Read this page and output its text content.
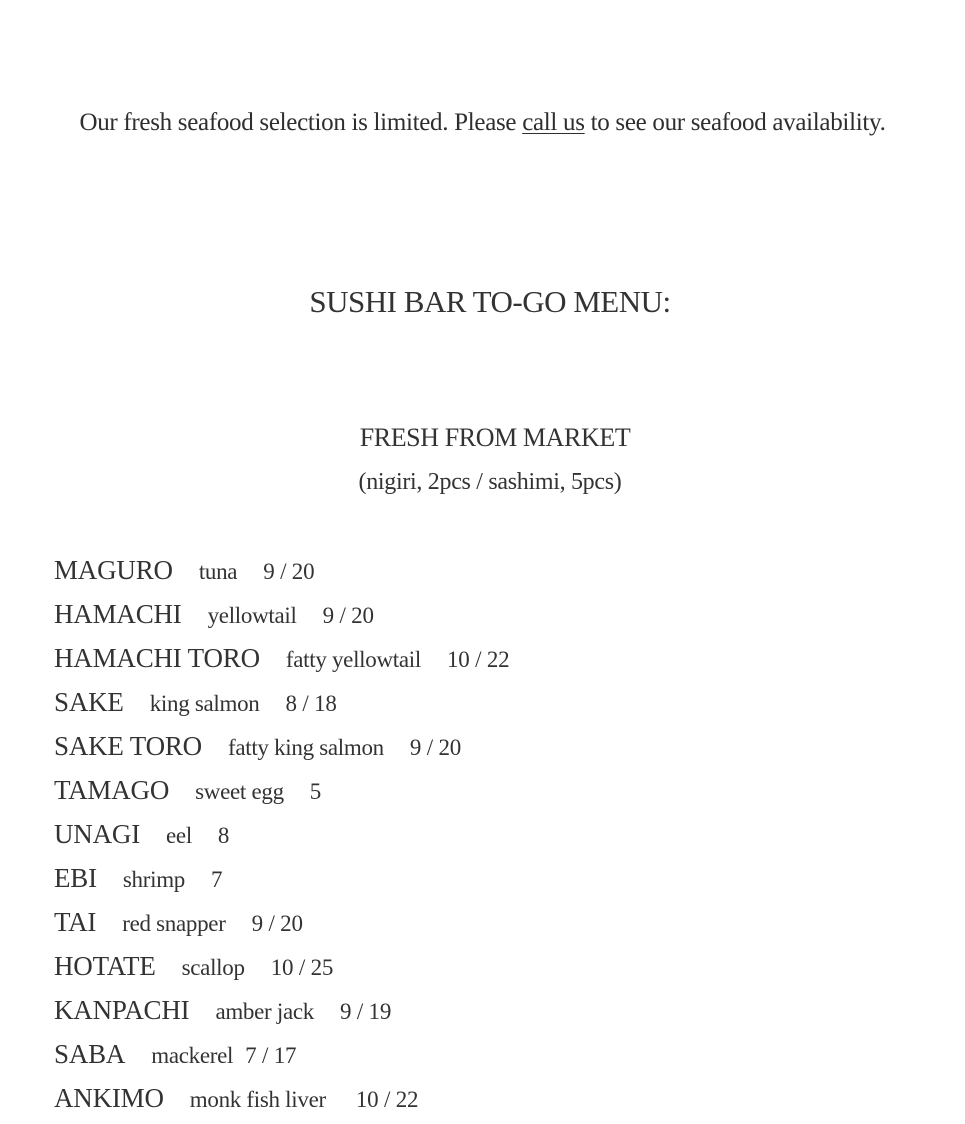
Our fresh seafood selection is limited. Please call us to see our seafood availability.

SUSHI BAR TO-GO MENU:
FRESH FROM MARKET

(nigiri, 2pcs / sashimi, 5pcs)

MAGURO tuna 9 / 20
HAMACHI yellowtail 9 / 20
HAMACHI TORO fatty yellowtail 10 / 22
SAKE king salmon 8 / 18
SAKE TORO fatty king salmon 9 / 20
TAMAGO sweet egg 5
UNAGI eel 8
EBI shrimp 7
TAI red snapper 9 / 20
HOTATE scallop 10 / 25
KANPACHI amber jack 9 / 19
SABA mackerel 7 / 17
ANKIMO monk fish liver 10 / 22
